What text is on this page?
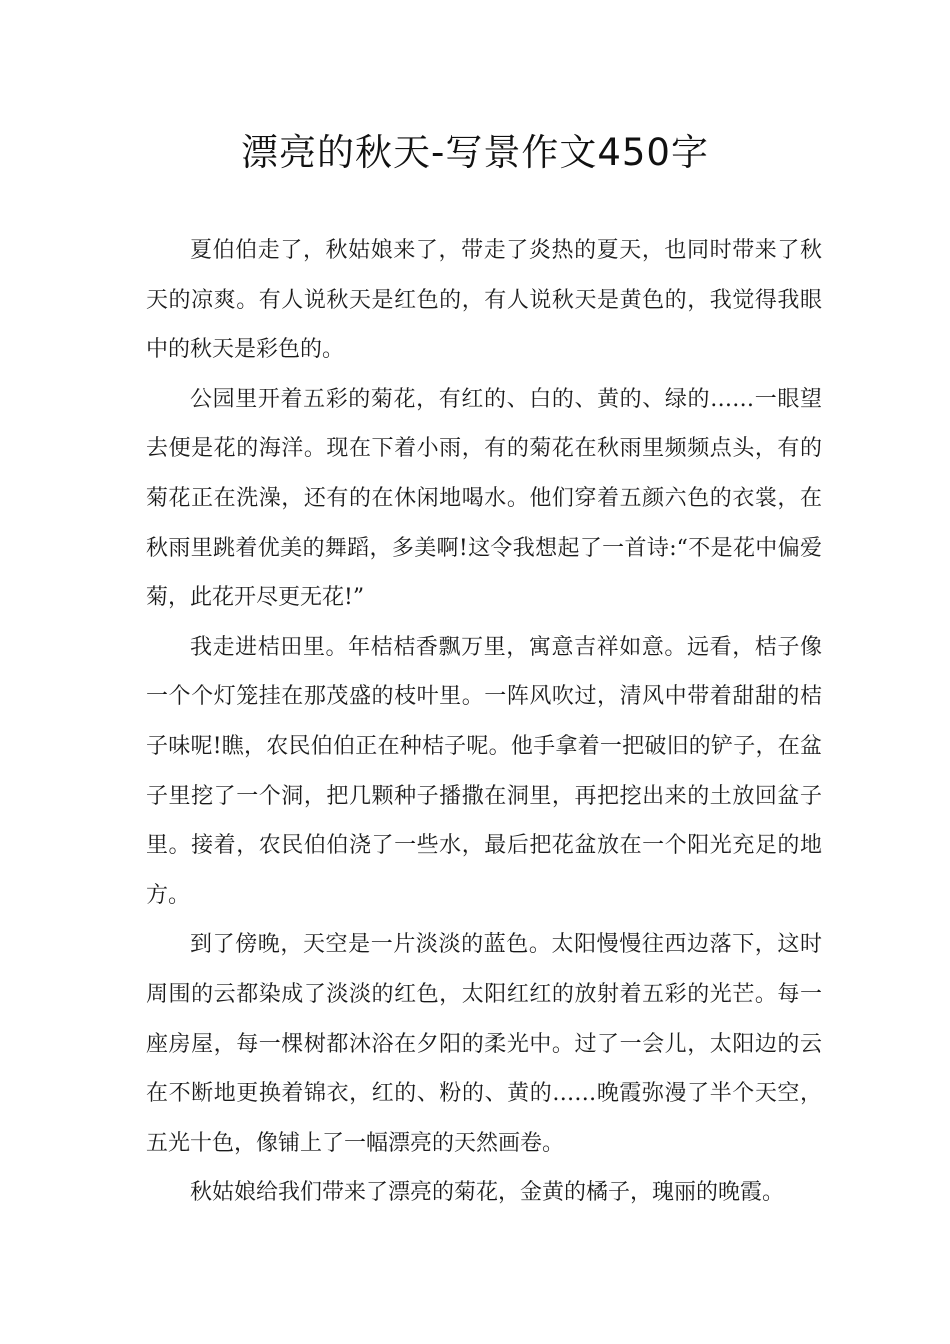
漂亮的秋天-写景作文450字

夏伯伯走了，秋姑娘来了，带走了炎热的夏天，也同时带来了秋天的凉爽。有人说秋天是红色的，有人说秋天是黄色的，我觉得我眼中的秋天是彩色的。

公园里开着五彩的菊花，有红的、白的、黄的、绿的……一眼望去便是花的海洋。现在下着小雨，有的菊花在秋雨里频频点头，有的菊花正在洗澡，还有的在休闲地喝水。他们穿着五颜六色的衣裳，在秋雨里跳着优美的舞蹈，多美啊!这令我想起了一首诗:“不是花中偏爱菊，此花开尽更无花!”

我走进桔田里。年桔桔香飘万里，寓意吉祥如意。远看，桔子像一个个灯笼挂在那茂盛的枝叶里。一阵风吹过，清风中带着甜甜的桔子味呢!瞧，农民伯伯正在种桔子呢。他手拿着一把破旧的铲子，在盆子里挖了一个洞，把几颗种子播撒在洞里，再把挖出来的土放回盆子里。接着，农民伯伯浇了一些水，最后把花盆放在一个阳光充足的地方。

到了傍晚，天空是一片淡淡的蓝色。太阳慢慢往西边落下，这时周围的云都染成了淡淡的红色，太阳红红的放射着五彩的光芒。每一座房屋，每一棵树都沐浴在夕阳的柔光中。过了一会儿，太阳边的云在不断地更换着锦衣，红的、粉的、黄的……晚霞弥漫了半个天空，五光十色，像铺上了一幅漂亮的天然画卷。

秋姑娘给我们带来了漂亮的菊花，金黄的橘子，瑰丽的晚霞。
